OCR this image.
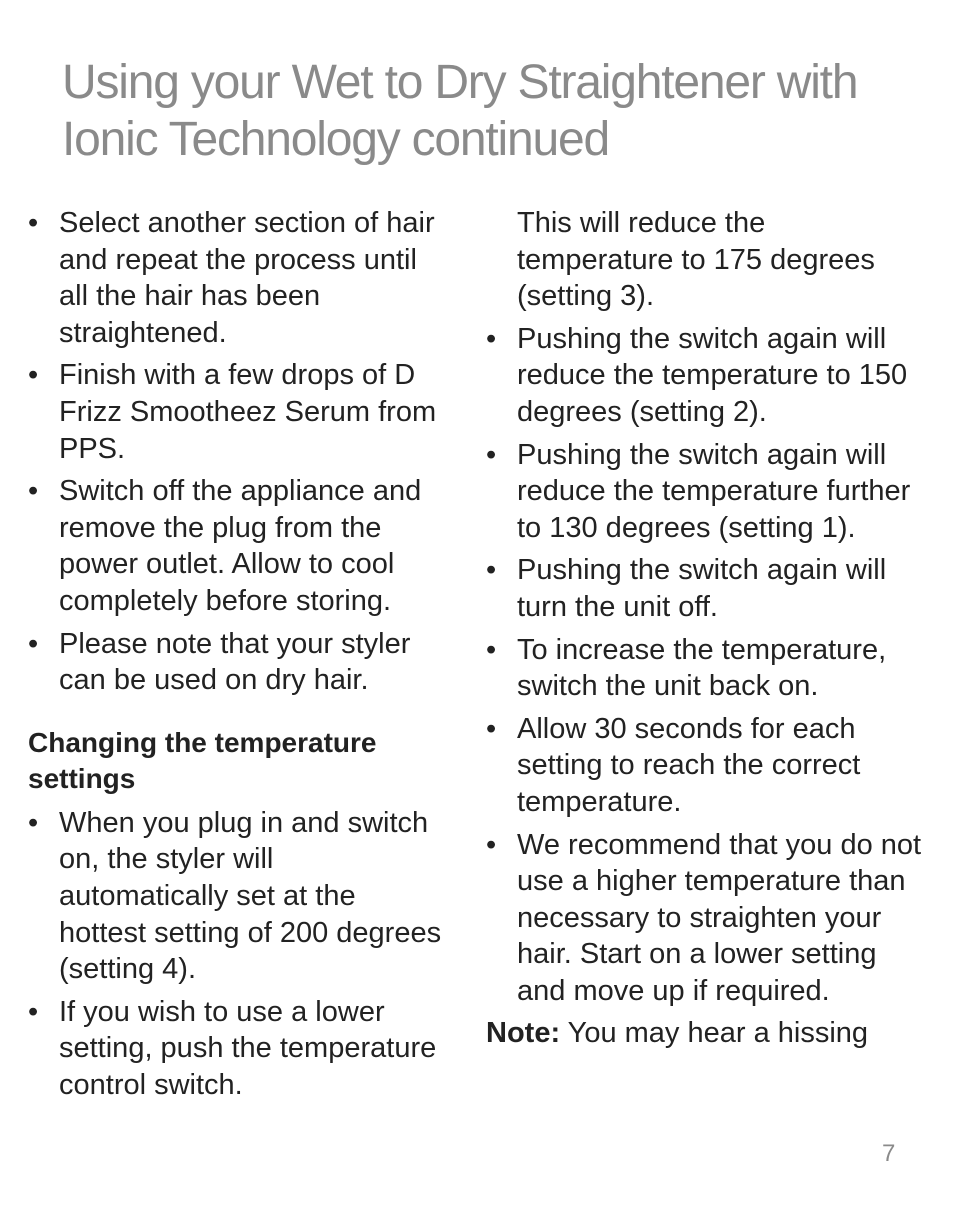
Using your Wet to Dry Straightener with
Ionic Technology continued
• Select another section of hair and repeat the process until all the hair has been straightened.
• Finish with a few drops of D Frizz Smootheez Serum from PPS.
• Switch off the appliance and remove the plug from the power outlet. Allow to cool completely before storing.
• Please note that your styler can be used on dry hair.
Changing the temperature settings
• When you plug in and switch on, the styler will automatically set at the hottest setting of 200 degrees (setting 4).
• If you wish to use a lower setting, push the temperature control switch.
This will reduce the temperature to 175 degrees (setting 3).
• Pushing the switch again will reduce the temperature to 150 degrees (setting 2).
• Pushing the switch again will reduce the temperature further to 130 degrees (setting 1).
• Pushing the switch again will turn the unit off.
• To increase the temperature, switch the unit back on.
• Allow 30 seconds for each setting to reach the correct temperature.
• We recommend that you do not use a higher temperature than necessary to straighten your hair. Start on a lower setting and move up if required.
Note: You may hear a hissing
7
